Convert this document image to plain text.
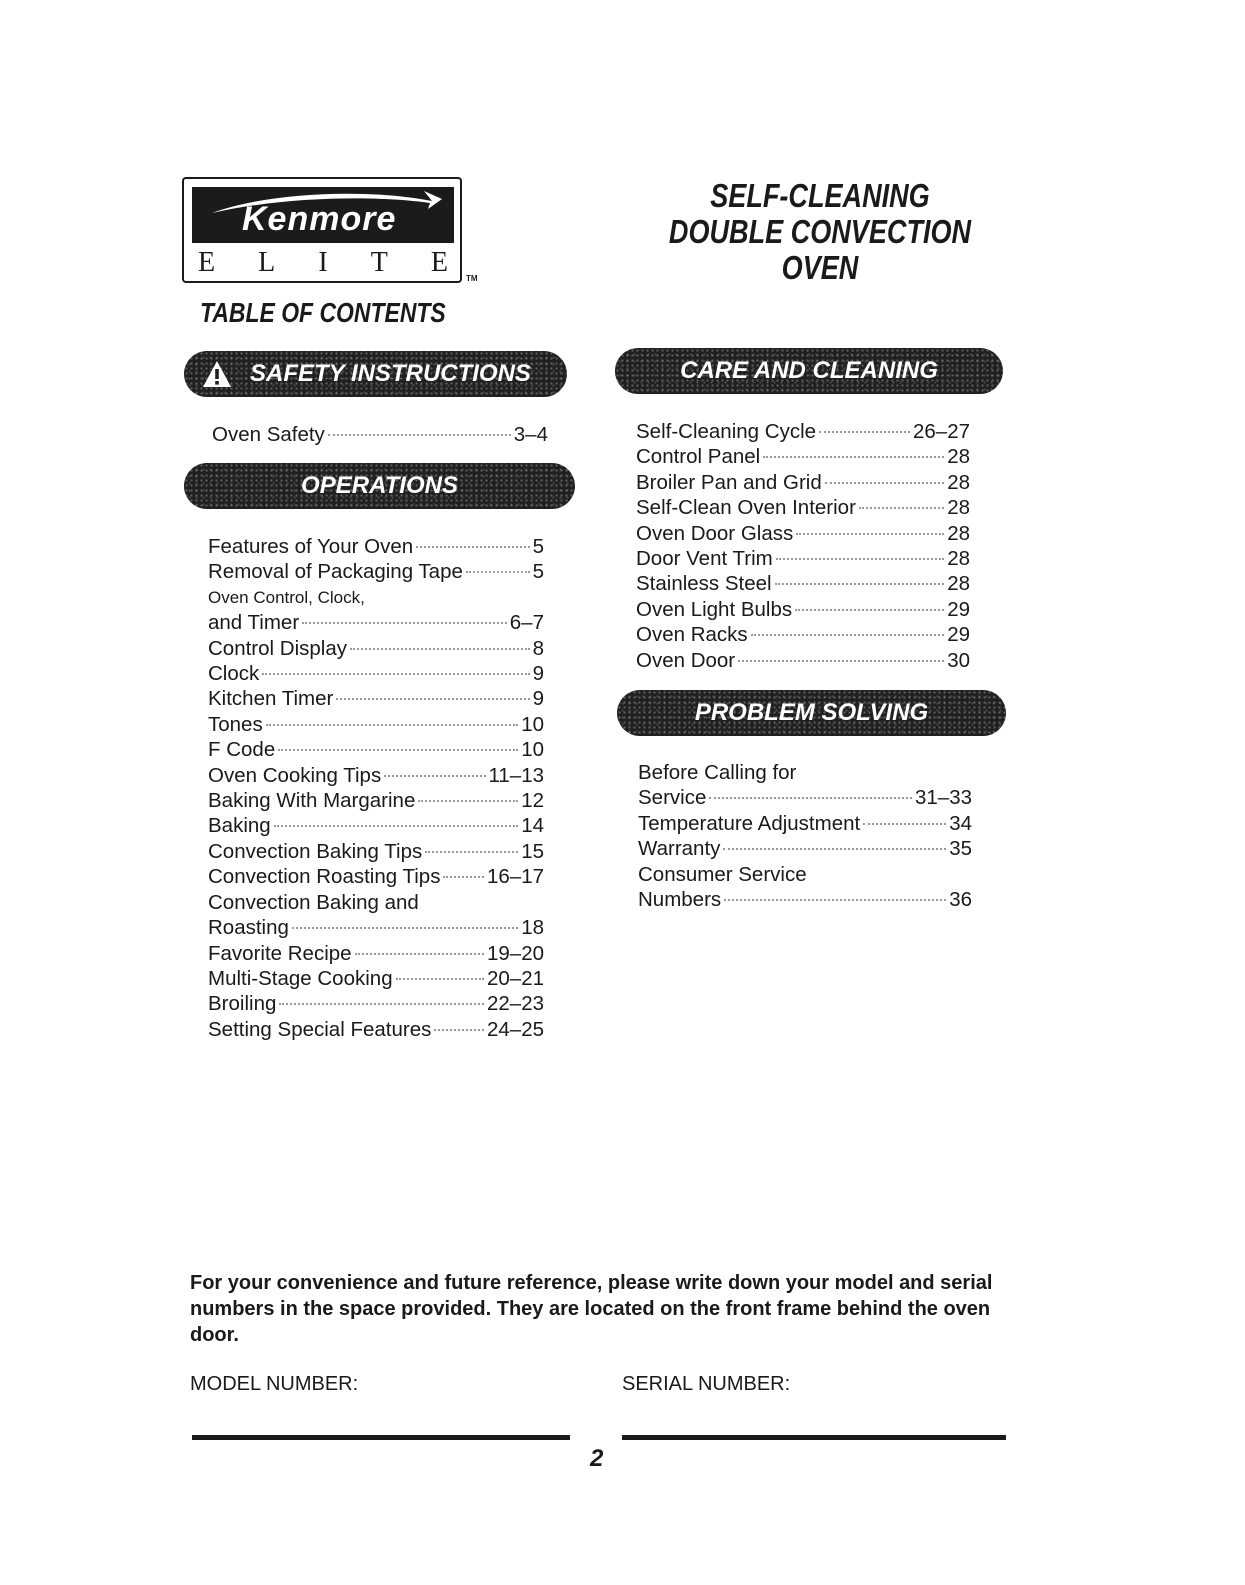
Kenmore
E L I T E
TM
TABLE OF CONTENTS
SELF-CLEANING
DOUBLE CONVECTION
OVEN
SAFETY INSTRUCTIONS
Oven Safety	3–4
OPERATIONS
Features of Your Oven	5
Removal of Packaging Tape	5
Oven Control, Clock,
and Timer	6–7
Control Display	8
Clock	9
Kitchen Timer	9
Tones	10
F Code	10
Oven Cooking Tips	11–13
Baking With Margarine	12
Baking	14
Convection Baking Tips	15
Convection Roasting Tips 16–17
Convection Baking and
Roasting	18
Favorite Recipe	19–20
Multi-Stage Cooking	20–21
Broiling	22–23
Setting Special Features	24–25
CARE AND CLEANING
Self-Cleaning Cycle	26–27
Control Panel	28
Broiler Pan and Grid	28
Self-Clean Oven Interior	28
Oven Door Glass	28
Door Vent Trim	28
Stainless Steel	28
Oven Light Bulbs	29
Oven Racks	29
Oven Door	30
PROBLEM SOLVING
Before Calling for
Service	31–33
Temperature Adjustment	34
Warranty	35
Consumer Service
Numbers	36
For your convenience and future reference, please write down your model and serial numbers in the space provided. They are located on the front frame behind the oven door.
MODEL NUMBER:	SERIAL NUMBER:
2
